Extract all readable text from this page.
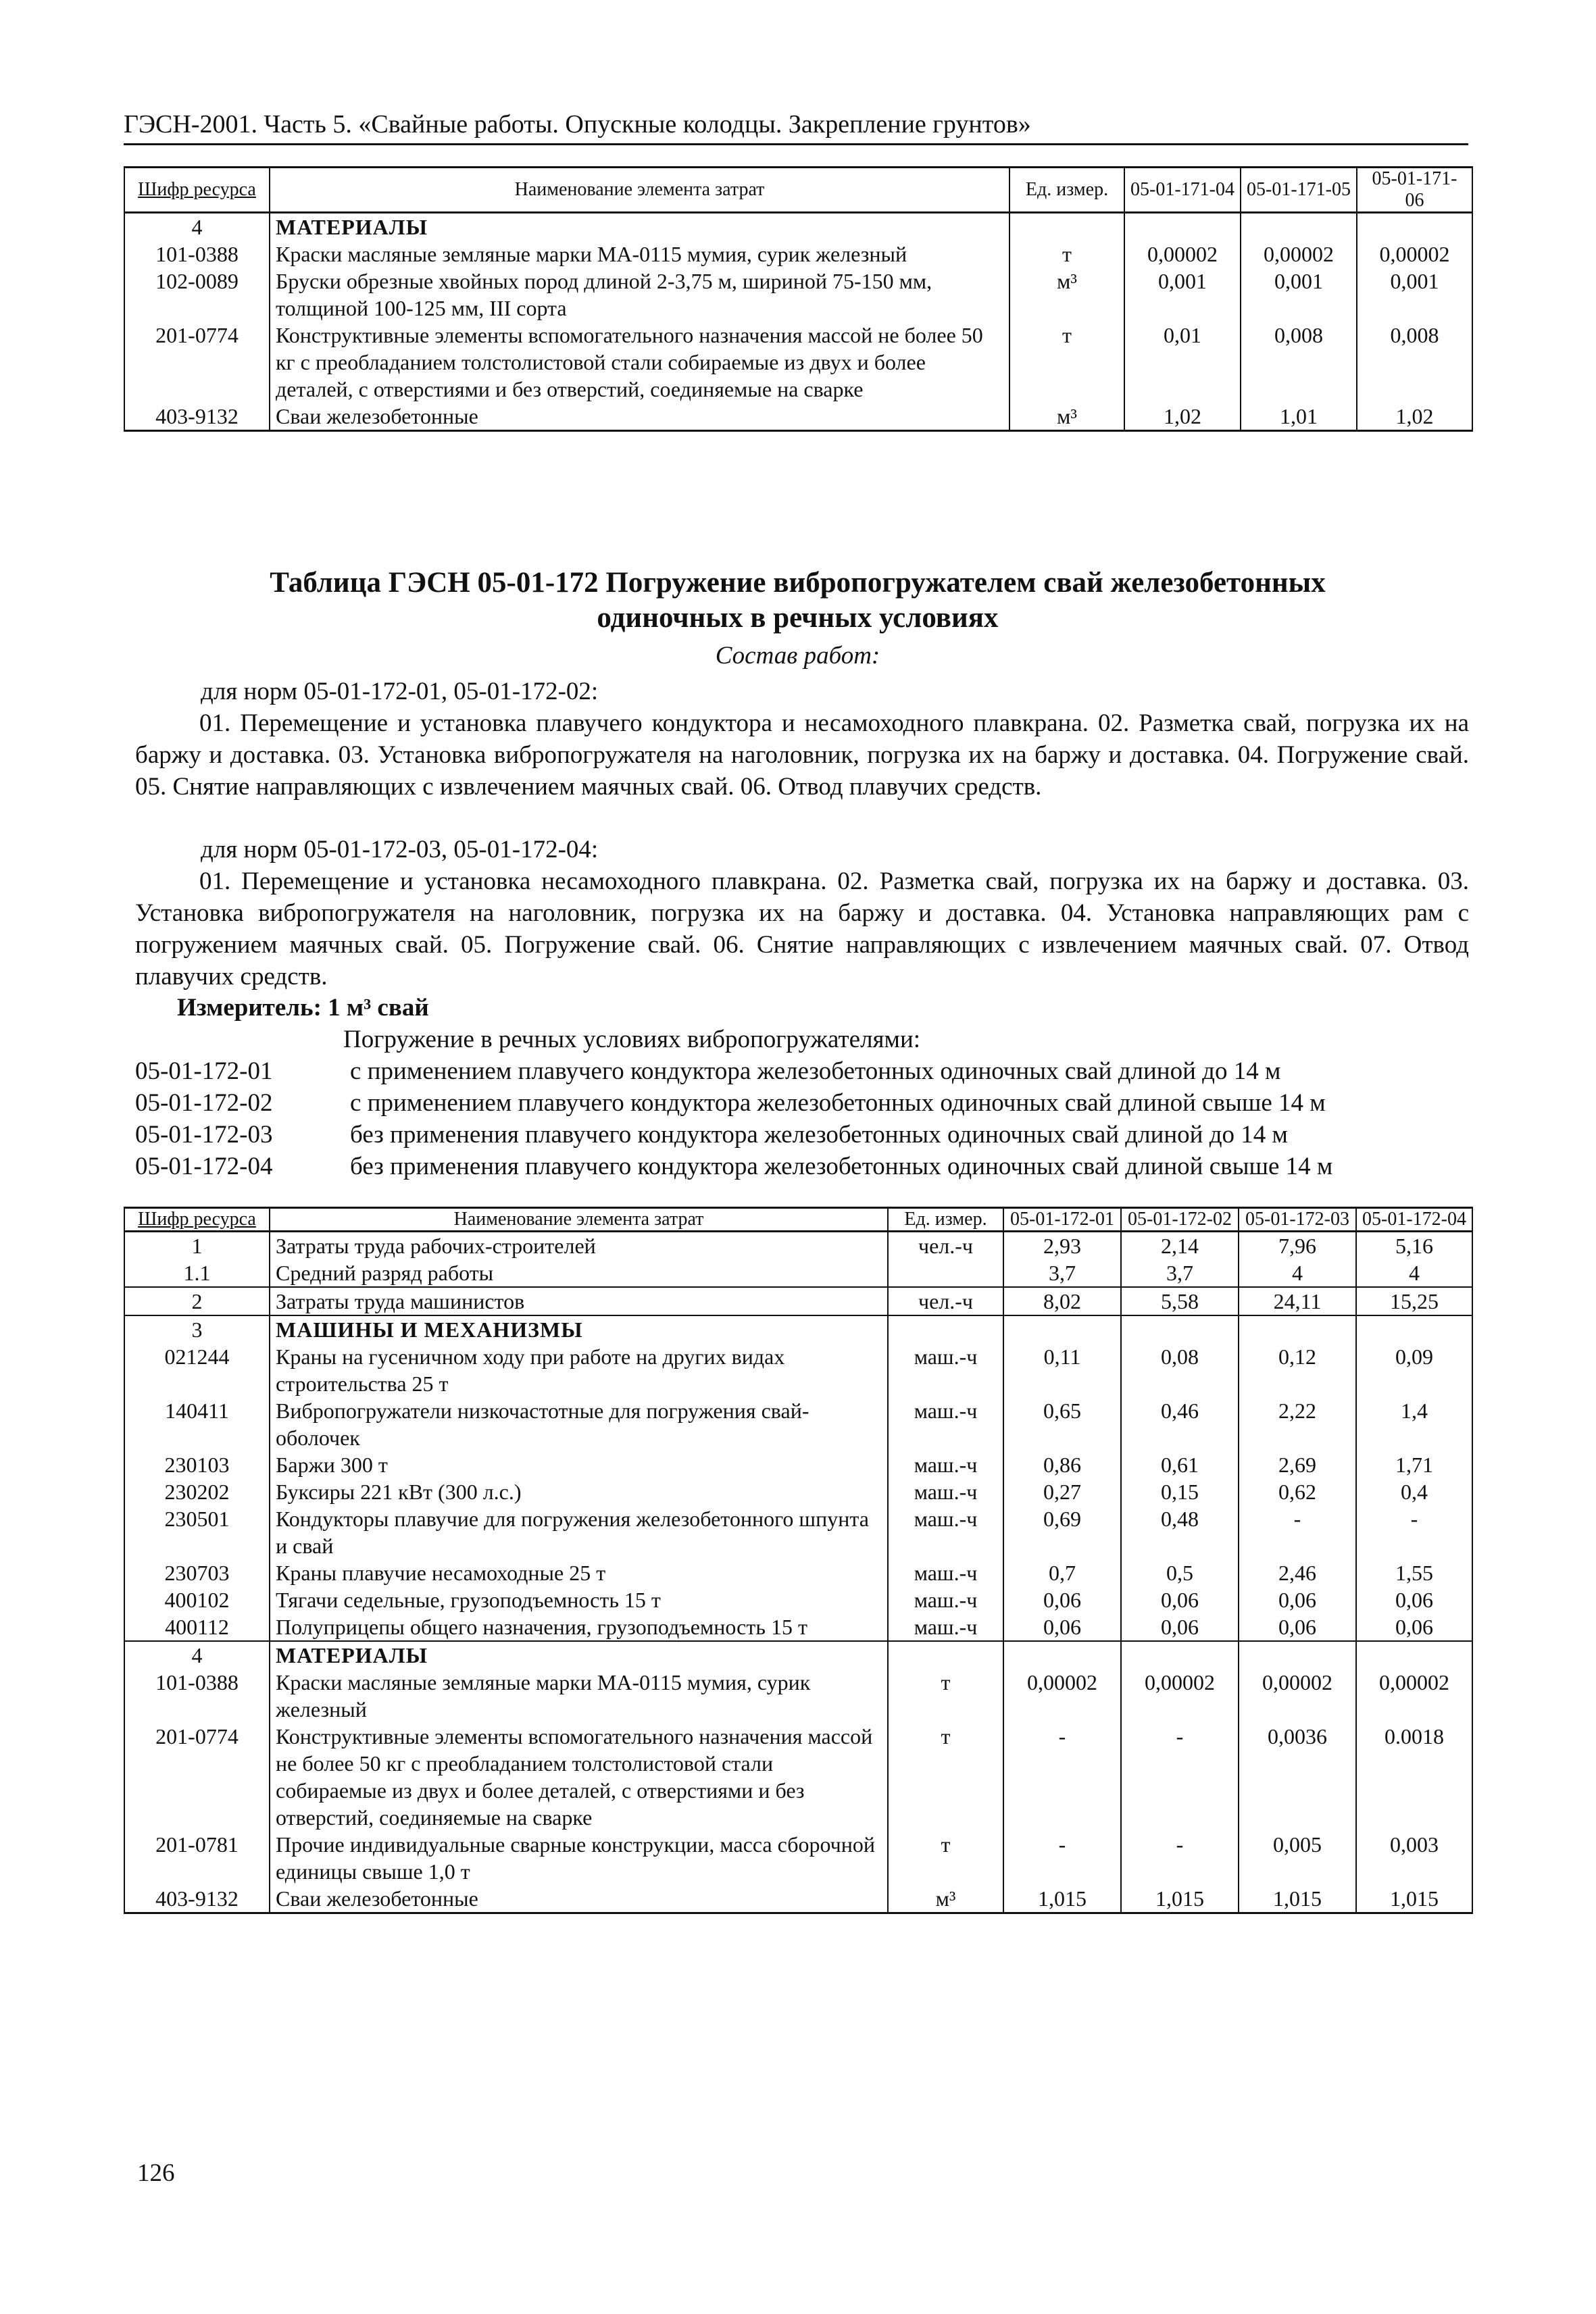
ГЭСН-2001. Часть 5. «Свайные работы. Опускные колодцы. Закрепление грунтов»
Шифр ресурса	Наименование элемента затрат	Ед. измер.	05-01-171-04	05-01-171-05	05-01-171-06
4	МАТЕРИАЛЫ				
101-0388	Краски масляные земляные марки МА-0115 мумия, сурик железный	т	0,00002	0,00002	0,00002
102-0089	Бруски обрезные хвойных пород длиной 2-3,75 м, шириной 75-150 мм, толщиной 100-125 мм, III сорта	м³	0,001	0,001	0,001
201-0774	Конструктивные элементы вспомогательного назначения массой не более 50 кг с преобладанием толстолистовой стали собираемые из двух и более деталей, с отверстиями и без отверстий, соединяемые на сварке	т	0,01	0,008	0,008
403-9132	Сваи железобетонные	м³	1,02	1,01	1,02
Таблица ГЭСН 05-01-172 Погружение вибропогружателем свай железобетонных
одиночных в речных условиях
Состав работ:
для норм 05-01-172-01, 05-01-172-02:
01. Перемещение и установка плавучего кондуктора и несамоходного плавкрана. 02. Разметка свай, погрузка их на баржу и доставка. 03. Установка вибропогружателя на наголовник, погрузка их на баржу и доставка. 04. Погружение свай. 05. Снятие направляющих с извлечением маячных свай. 06. Отвод плавучих средств.
для норм 05-01-172-03, 05-01-172-04:
01. Перемещение и установка несамоходного плавкрана. 02. Разметка свай, погрузка их на баржу и доставка. 03. Установка вибропогружателя на наголовник, погрузка их на баржу и доставка. 04. Установка направляющих рам с погружением маячных свай. 05. Погружение свай. 06. Снятие направляющих с извлечением маячных свай. 07. Отвод плавучих средств.
Измеритель: 1 м³ свай
Погружение в речных условиях вибропогружателями:
05-01-172-01	с применением плавучего кондуктора железобетонных одиночных свай длиной до 14 м
05-01-172-02	с применением плавучего кондуктора железобетонных одиночных свай длиной свыше 14 м
05-01-172-03	без применения плавучего кондуктора железобетонных одиночных свай длиной до 14 м
05-01-172-04	без применения плавучего кондуктора железобетонных одиночных свай длиной свыше 14 м
Шифр ресурса	Наименование элемента затрат	Ед. измер.	05-01-172-01	05-01-172-02	05-01-172-03	05-01-172-04
1	Затраты труда рабочих-строителей	чел.-ч	2,93	2,14	7,96	5,16
1.1	Средний разряд работы		3,7	3,7	4	4
2	Затраты труда машинистов	чел.-ч	8,02	5,58	24,11	15,25
3	МАШИНЫ И МЕХАНИЗМЫ					
021244	Краны на гусеничном ходу при работе на других видах строительства 25 т	маш.-ч	0,11	0,08	0,12	0,09
140411	Вибропогружатели низкочастотные для погружения свай-оболочек	маш.-ч	0,65	0,46	2,22	1,4
230103	Баржи 300 т	маш.-ч	0,86	0,61	2,69	1,71
230202	Буксиры 221 кВт (300 л.с.)	маш.-ч	0,27	0,15	0,62	0,4
230501	Кондукторы плавучие для погружения железобетонного шпунта и свай	маш.-ч	0,69	0,48	-	-
230703	Краны плавучие несамоходные 25 т	маш.-ч	0,7	0,5	2,46	1,55
400102	Тягачи седельные, грузоподъемность 15 т	маш.-ч	0,06	0,06	0,06	0,06
400112	Полуприцепы общего назначения, грузоподъемность 15 т	маш.-ч	0,06	0,06	0,06	0,06
4	МАТЕРИАЛЫ					
101-0388	Краски масляные земляные марки МА-0115 мумия, сурик железный	т	0,00002	0,00002	0,00002	0,00002
201-0774	Конструктивные элементы вспомогательного назначения массой не более 50 кг с преобладанием толстолистовой стали собираемые из двух и более деталей, с отверстиями и без отверстий, соединяемые на сварке	т	-	-	0,0036	0.0018
201-0781	Прочие индивидуальные сварные конструкции, масса сборочной единицы свыше 1,0 т	т	-	-	0,005	0,003
403-9132	Сваи железобетонные	м³	1,015	1,015	1,015	1,015
126
